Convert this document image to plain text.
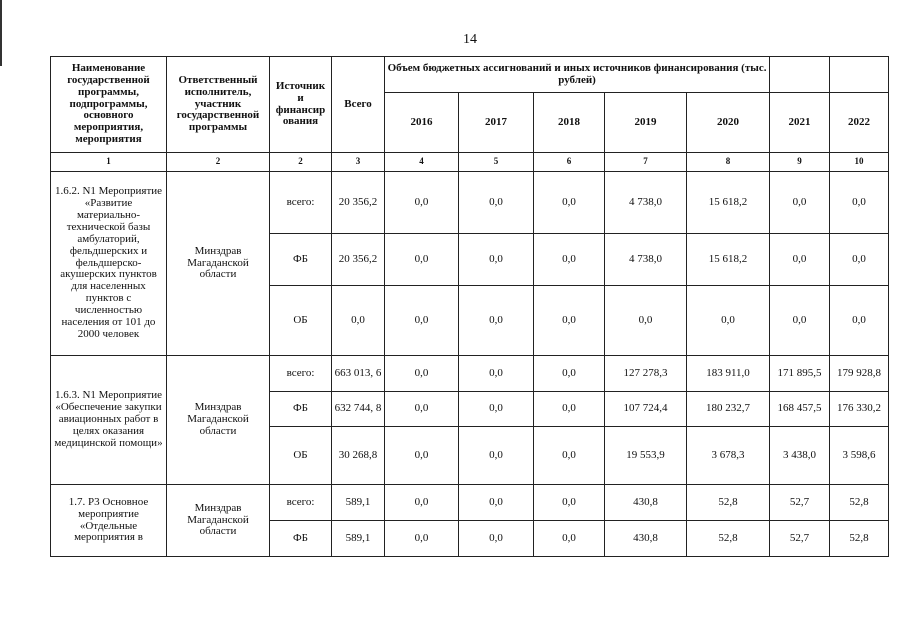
14
Наименование государственной программы, подпрограммы, основного мероприятия, мероприятия	Ответственный исполнитель, участник государственной программы	Источник и финансир ования	Всего	Объем бюджетных ассигнований и иных источников финансирования (тыс. рублей)						
				2016	2017	2018	2019	2020	2021	2022
1	2	2	3	4	5	6	7	8	9	10
1.6.2. N1 Мероприятие «Развитие материально-технической базы амбулаторий, фельдшерских и фельдшерско-акушерских пунктов для населенных пунктов с численностью населения от 101 до 2000 человек	Минздрав Магаданской области	всего:	20 356,2	0,0	0,0	0,0	4 738,0	15 618,2	0,0	0,0
		ФБ	20 356,2	0,0	0,0	0,0	4 738,0	15 618,2	0,0	0,0
		ОБ	0,0	0,0	0,0	0,0	0,0	0,0	0,0	0,0
1.6.3. N1 Мероприятие «Обеспечение закупки авиационных работ в целях оказания медицинской помощи»	Минздрав Магаданской области	всего:	663 013, 6	0,0	0,0	0,0	127 278,3	183 911,0	171 895,5	179 928,8
		ФБ	632 744, 8	0,0	0,0	0,0	107 724,4	180 232,7	168 457,5	176 330,2
		ОБ	30 268,8	0,0	0,0	0,0	19 553,9	3 678,3	3 438,0	3 598,6
1.7. Р3 Основное мероприятие «Отдельные мероприятия в	Минздрав Магаданской области	всего:	589,1	0,0	0,0	0,0	430,8	52,8	52,7	52,8
		ФБ	589,1	0,0	0,0	0,0	430,8	52,8	52,7	52,8
